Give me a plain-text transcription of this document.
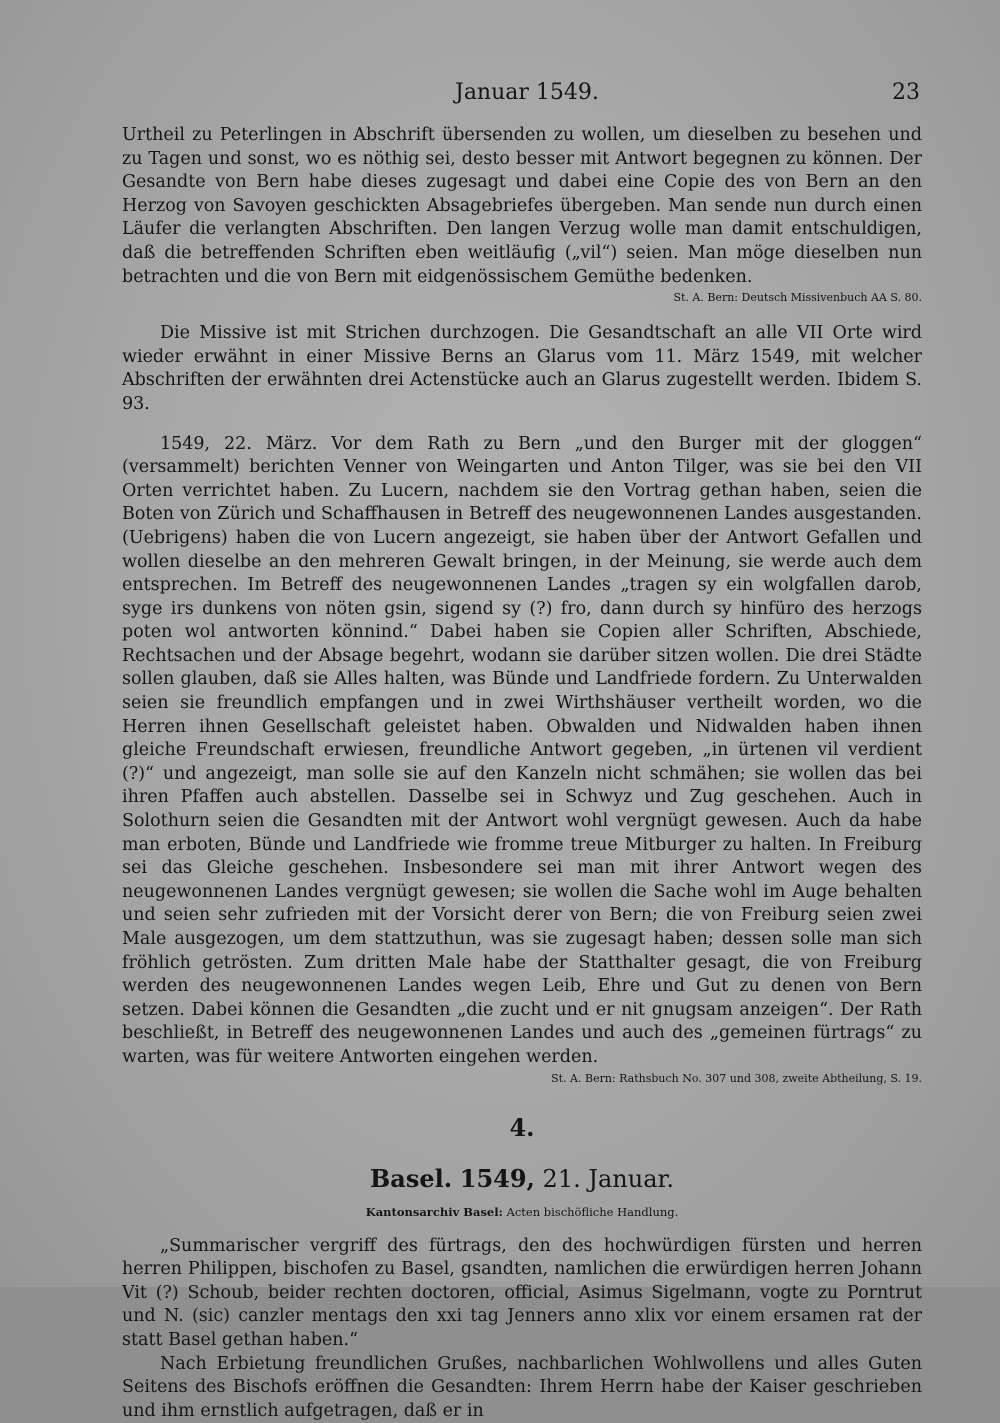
Januar 1549.	23

Urtheil zu Peterlingen in Abschrift übersenden zu wollen, um dieselben zu besehen und zu Tagen und sonst, wo es nöthig sei, desto besser mit Antwort begegnen zu können. Der Gesandte von Bern habe dieses zugesagt und dabei eine Copie des von Bern an den Herzog von Savoyen geschickten Absagebriefes übergeben. Man sende nun durch einen Läufer die verlangten Abschriften. Den langen Verzug wolle man damit entschuldigen, daß die betreffenden Schriften eben weitläufig („vil“) seien. Man möge dieselben nun betrachten und die von Bern mit eidgenössischem Gemüthe bedenken.
St. A. Bern: Deutsch Missivenbuch AA S. 80.

Die Missive ist mit Strichen durchzogen. Die Gesandtschaft an alle VII Orte wird wieder erwähnt in einer Missive Berns an Glarus vom 11. März 1549, mit welcher Abschriften der erwähnten drei Actenstücke auch an Glarus zugestellt werden. Ibidem S. 93.

1549, 22. März. Vor dem Rath zu Bern „und den Burger mit der gloggen“ (versammelt) berichten Venner von Weingarten und Anton Tilger, was sie bei den VII Orten verrichtet haben. Zu Lucern, nachdem sie den Vortrag gethan haben, seien die Boten von Zürich und Schaffhausen in Betreff des neugewonnenen Landes ausgestanden. (Uebrigens) haben die von Lucern angezeigt, sie haben über der Antwort Gefallen und wollen dieselbe an den mehreren Gewalt bringen, in der Meinung, sie werde auch dem entsprechen. Im Betreff des neugewonnenen Landes „tragen sy ein wolgfallen darob, syge irs dunkens von nöten gsin, sigend sy (?) fro, dann durch sy hinfüro des herzogs poten wol antworten könnind.“ Dabei haben sie Copien aller Schriften, Abschiede, Rechtsachen und der Absage begehrt, wodann sie darüber sitzen wollen. Die drei Städte sollen glauben, daß sie Alles halten, was Bünde und Landfriede fordern. Zu Unterwalden seien sie freundlich empfangen und in zwei Wirthshäuser vertheilt worden, wo die Herren ihnen Gesellschaft geleistet haben. Obwalden und Nidwalden haben ihnen gleiche Freundschaft erwiesen, freundliche Antwort gegeben, „in ürtenen vil verdient (?)“ und angezeigt, man solle sie auf den Kanzeln nicht schmähen; sie wollen das bei ihren Pfaffen auch abstellen. Dasselbe sei in Schwyz und Zug geschehen. Auch in Solothurn seien die Gesandten mit der Antwort wohl vergnügt gewesen. Auch da habe man erboten, Bünde und Landfriede wie fromme treue Mitburger zu halten. In Freiburg sei das Gleiche geschehen. Insbesondere sei man mit ihrer Antwort wegen des neugewonnenen Landes vergnügt gewesen; sie wollen die Sache wohl im Auge behalten und seien sehr zufrieden mit der Vorsicht derer von Bern; die von Freiburg seien zwei Male ausgezogen, um dem stattzuthun, was sie zugesagt haben; dessen solle man sich fröhlich getrösten. Zum dritten Male habe der Statthalter gesagt, die von Freiburg werden des neugewonnenen Landes wegen Leib, Ehre und Gut zu denen von Bern setzen. Dabei können die Gesandten „die zucht und er nit gnugsam anzeigen“. Der Rath beschließt, in Betreff des neugewonnenen Landes und auch des „gemeinen fürtrags“ zu warten, was für weitere Antworten eingehen werden.
St. A. Bern: Rathsbuch No. 307 und 308, zweite Abtheilung, S. 19.

4.
Basel. 1549, 21. Januar.
Kantonsarchiv Basel: Acten bischöfliche Handlung.

„Summarischer vergriff des fürtrags, den des hochwürdigen fürsten und herren herren Philippen, bischofen zu Basel, gsandten, namlichen die erwürdigen herren Johann Vit (?) Schoub, beider rechten doctoren, official, Asimus Sigelmann, vogte zu Porntrut und N. (sic) canzler mentags den xxi tag Jenners anno xlix vor einem ersamen rat der statt Basel gethan haben.“

Nach Erbietung freundlichen Grußes, nachbarlichen Wohlwollens und alles Guten Seitens des Bischofs eröffnen die Gesandten: Ihrem Herrn habe der Kaiser geschrieben und ihm ernstlich aufgetragen, daß er in
